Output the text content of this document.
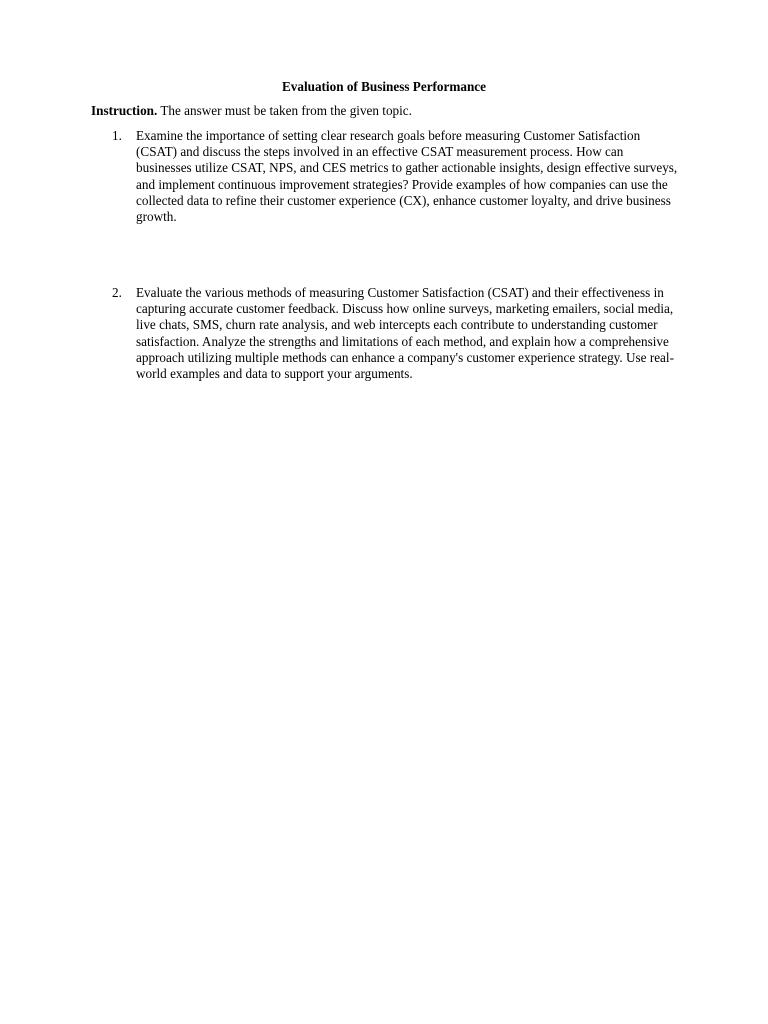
Evaluation of Business Performance
Instruction. The answer must be taken from the given topic.
1.	Examine the importance of setting clear research goals before measuring Customer Satisfaction (CSAT) and discuss the steps involved in an effective CSAT measurement process. How can businesses utilize CSAT, NPS, and CES metrics to gather actionable insights, design effective surveys, and implement continuous improvement strategies? Provide examples of how companies can use the collected data to refine their customer experience (CX), enhance customer loyalty, and drive business growth.
2.	Evaluate the various methods of measuring Customer Satisfaction (CSAT) and their effectiveness in capturing accurate customer feedback. Discuss how online surveys, marketing emailers, social media, live chats, SMS, churn rate analysis, and web intercepts each contribute to understanding customer satisfaction. Analyze the strengths and limitations of each method, and explain how a comprehensive approach utilizing multiple methods can enhance a company's customer experience strategy. Use real-world examples and data to support your arguments.
